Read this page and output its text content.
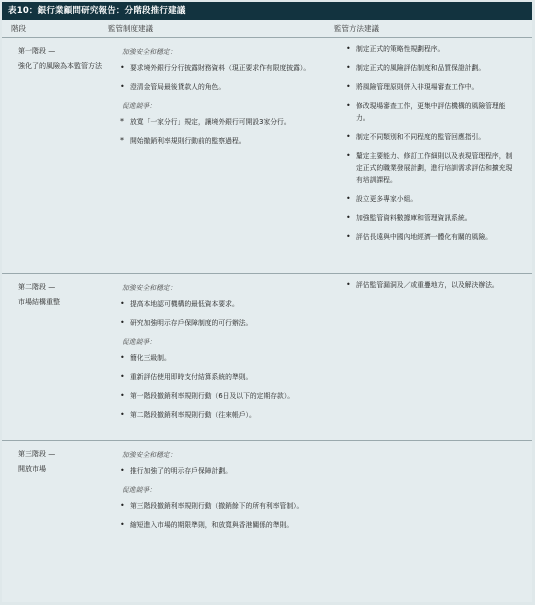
表10：銀行業顧問研究報告：分階段推行建議
階段	監管制度建議	監管方法建議
第一階段 —
強化了的風險為本監管方法
加強安全和穩定：
• 要求境外銀行分行披露財務資料（現正要求作有限度披露）。
• 澄清金管局最後貸款人的角色。
促進競爭：
* 放寬「一家分行」規定，讓境外銀行可開設3家分行。
* 開始撤銷利率規則行動前的監察過程。
• 制定正式的策略性規劃程序。
• 制定正式的風險評估制度和品質保證計劃。
• 將風險管理原則併入非現場審查工作中。
• 修改現場審查工作，更集中評估機構的風險管理能力。
• 制定不同類別和不同程度的監管回應指引。
• 釐定主要能力、修訂工作細則以及表現管理程序，制定正式的職業發展計劃，進行培訓需求評估和擴充現有培訓課程。
• 設立更多專家小組。
• 加強監管資料數據庫和管理資訊系統。
• 評估長遠與中國內地經濟一體化有關的風險。
第二階段 —
市場結構重整
加強安全和穩定：
• 提高本地認可機構的最低資本要求。
• 研究加強明示存戶保障制度的可行辦法。
促進競爭：
• 簡化三級制。
• 重新評估使用即時支付結算系統的準則。
• 第一階段撤銷利率規則行動（6日及以下的定期存款）。
• 第二階段撤銷利率規則行動（往來帳戶）。
• 評估監管漏洞及／或重疊地方，以及解決辦法。
第三階段 —
開放市場
加強安全和穩定：
• 推行加強了的明示存戶保障計劃。
促進競爭：
• 第三階段撤銷利率規則行動（撤銷餘下的所有利率管制）。
• 縮短進入市場的期限準則，和放寬與香港關係的準則。
